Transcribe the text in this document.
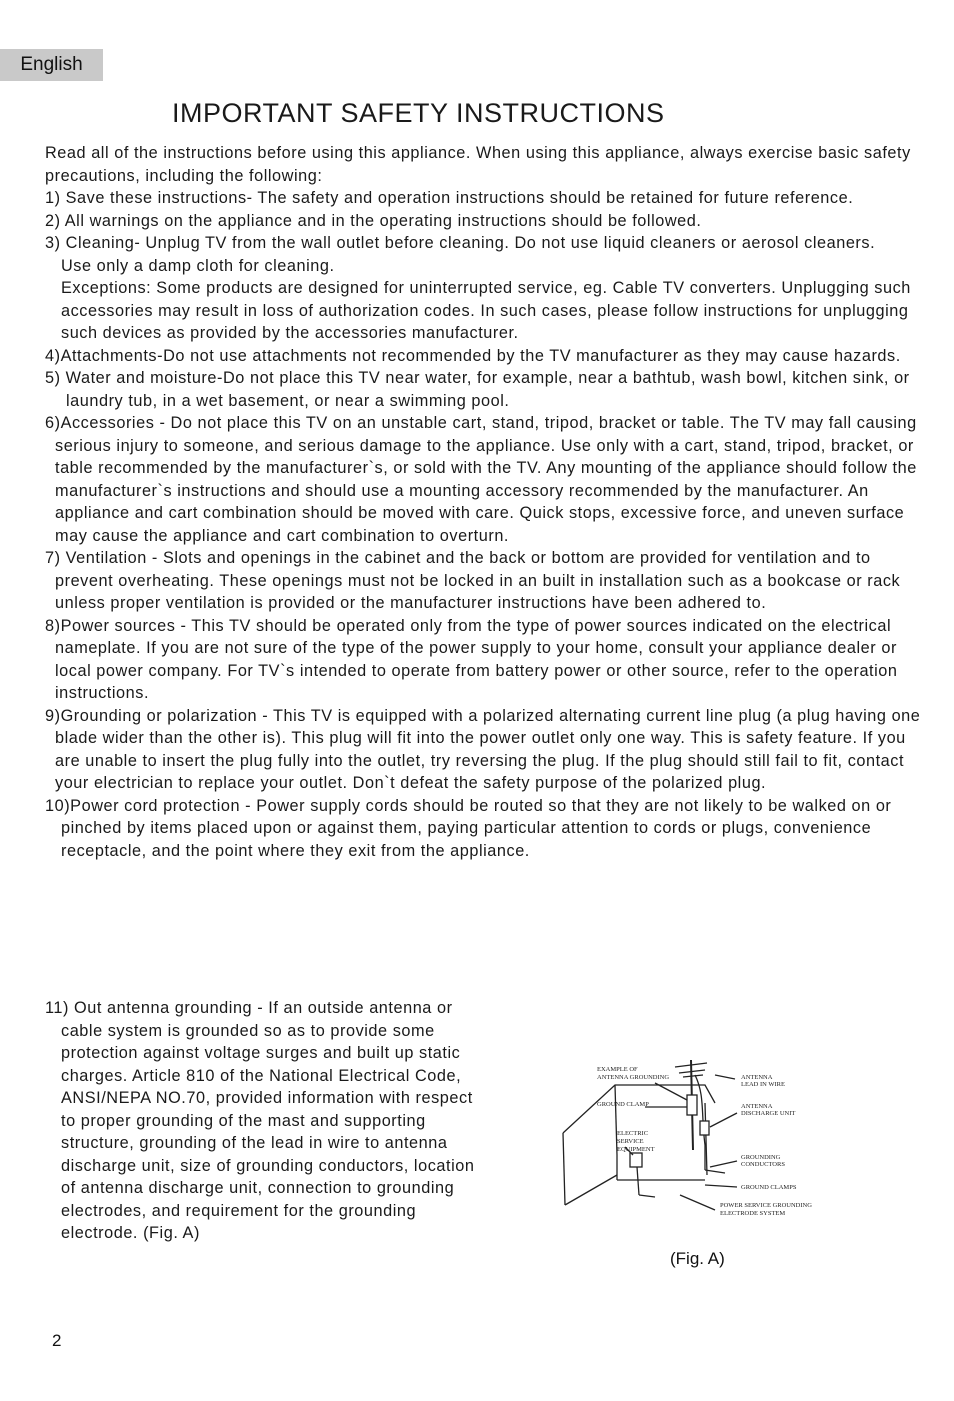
English
IMPORTANT SAFETY INSTRUCTIONS

Read all of the instructions before using this appliance. When using this appliance, always exercise basic safety precautions, including the following:

1) Save these instructions- The safety and operation instructions should be retained for future reference.

2) All warnings on the appliance and in the operating instructions should be followed.

3) Cleaning- Unplug TV from the wall outlet before cleaning. Do not use liquid cleaners or aerosol cleaners.

Use only a damp cloth for cleaning.

Exceptions: Some products are designed for uninterrupted service, eg. Cable TV converters. Unplugging such accessories may result in loss of authorization codes. In such cases, please follow instructions for unplugging such devices as provided by the accessories manufacturer.

4)Attachments-Do not use attachments not recommended by the TV manufacturer as they may cause hazards.

5) Water and moisture-Do not place this TV near water, for example, near a bathtub, wash bowl, kitchen sink, or laundry tub, in a wet basement, or near a swimming pool.

6)Accessories - Do not place this TV on an unstable cart, stand, tripod, bracket or table. The TV may fall causing serious injury to someone, and serious damage to the appliance. Use only with a cart, stand, tripod, bracket, or table recommended by the manufacturer`s, or sold with the TV. Any mounting of the appliance should follow the manufacturer`s instructions and should use a mounting accessory recommended by the manufacturer. An appliance and cart combination should be moved with care. Quick stops, excessive force, and uneven surface may cause the appliance and cart combination to overturn.

7) Ventilation - Slots and openings in the cabinet and the back or bottom are provided for ventilation and to prevent overheating. These openings must not be locked in an built in installation such as a bookcase or rack unless proper ventilation is provided or the manufacturer instructions have been adhered to.

8)Power sources - This TV should be operated only from the type of power sources indicated on the electrical nameplate. If you are not sure of the type of the power supply to your home, consult your appliance dealer or local power company. For TV`s intended to operate from battery power or other source, refer to the operation instructions.

9)Grounding or polarization - This TV is equipped with a polarized alternating current line plug (a plug having one blade wider than the other is). This plug will fit into the power outlet only one way. This is safety feature. If you are unable to insert the plug fully into the outlet, try reversing the plug. If the plug should still fail to fit, contact your electrician to replace your outlet. Don`t defeat the safety purpose of the polarized plug.

10)Power cord protection - Power supply cords should be routed so that they are not likely to be walked on or pinched by items placed upon or against them, paying particular attention to cords or plugs, convenience receptacle, and the point where they exit from the appliance.

11) Out antenna grounding - If an outside antenna or cable system is grounded so as to provide some protection against voltage surges and built up static charges. Article 810 of the National Electrical Code, ANSI/NEPA NO.70, provided information with respect to proper grounding of the mast and supporting structure, grounding of the lead in wire to antenna discharge unit, size of grounding conductors, location of antenna discharge unit, connection to grounding electrodes, and requirement for the grounding electrode. (Fig. A)

EXAMPLE OF
ANTENNA GROUNDING
GROUND CLAMP
ELECTRIC
SERVICE
EQUIPMENT
ANTENNA
LEAD IN WIRE
ANTENNA
DISCHARGE UNIT
GROUNDING
CONDUCTORS
GROUND CLAMPS
POWER SERVICE GROUNDING
ELECTRODE SYSTEM
(Fig. A)
2
